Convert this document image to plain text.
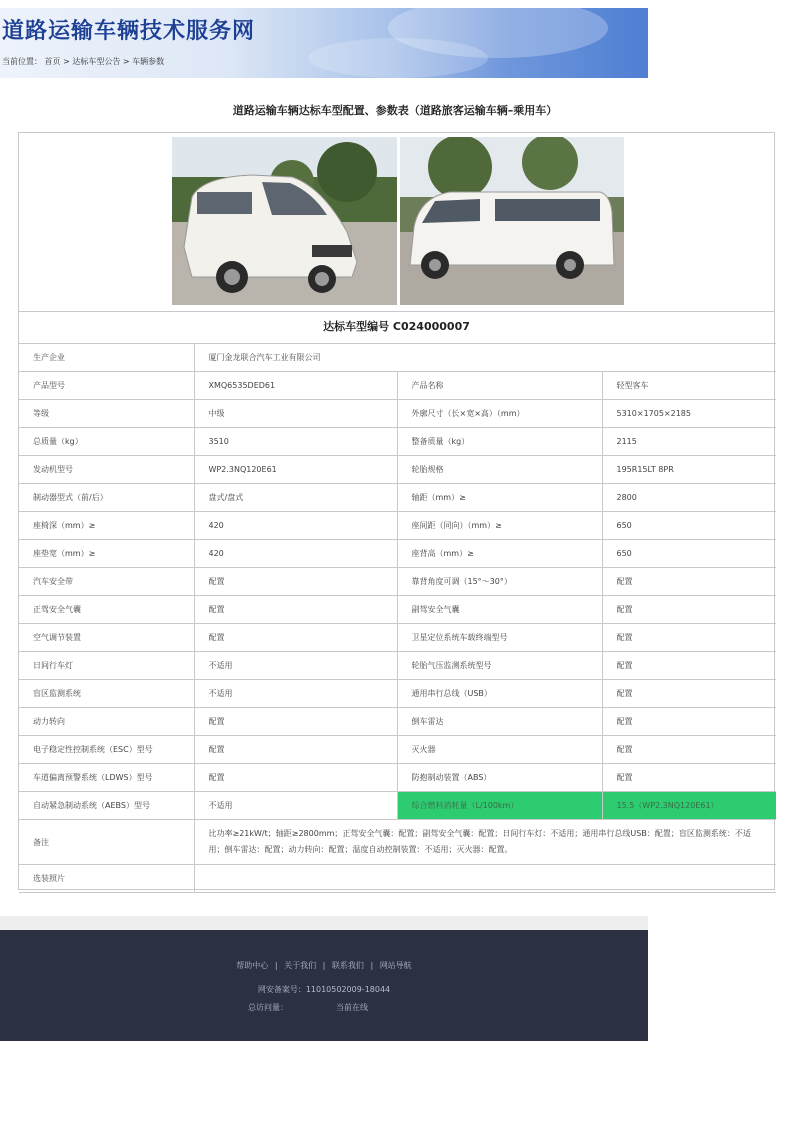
道路运输车辆技术服务网
当前位置： 首页 > 达标车型公告 > 车辆参数
道路运输车辆达标车型配置、参数表（道路旅客运输车辆–乘用车）
达标车型编号 C024000007
生产企业	厦门金龙联合汽车工业有限公司		
产品型号	XMQ6535DED61	产品名称	轻型客车
等级	中级	外廓尺寸（长×宽×高）（mm）	5310×1705×2185
总质量（kg）	3510	整备质量（kg）	2115
发动机型号	WP2.3NQ120E61	轮胎规格	195R15LT 8PR
制动器型式（前/后）	盘式/盘式	轴距（mm）≥	2800
座椅深（mm）≥	420	座间距（同向）（mm）≥	650
座垫宽（mm）≥	420	座背高（mm）≥	650
汽车安全带	配置	靠背角度可调（15°～30°）	配置
正驾安全气囊	配置	副驾安全气囊	配置
空气调节装置	配置	卫星定位系统车载终端型号	配置
日间行车灯	不适用	轮胎气压监测系统型号	配置
盲区监测系统	不适用	通用串行总线（USB）	配置
动力转向	配置	倒车雷达	配置
电子稳定性控制系统（ESC）型号	配置	灭火器	配置
车道偏离预警系统（LDWS）型号	配置	防抱制动装置（ABS）	配置
自动紧急制动系统（AEBS）型号	不适用	综合燃料消耗量（L/100km）	15.5（WP2.3NQ120E61）
备注	比功率≥21kW/t；轴距≥2800mm；正驾安全气囊：配置；副驾安全气囊：配置；日间行车灯：不适用；通用串行总线USB：配置；盲区监测系统：不适用；倒车雷达：配置；动力转向：配置；温度自动控制装置：不适用；灭火器：配置。		
选装照片			
帮助中心 | 关于我们 | 联系我们 | 网站导航
网安备案号：11010502009-18044
总访问量：	当前在线
